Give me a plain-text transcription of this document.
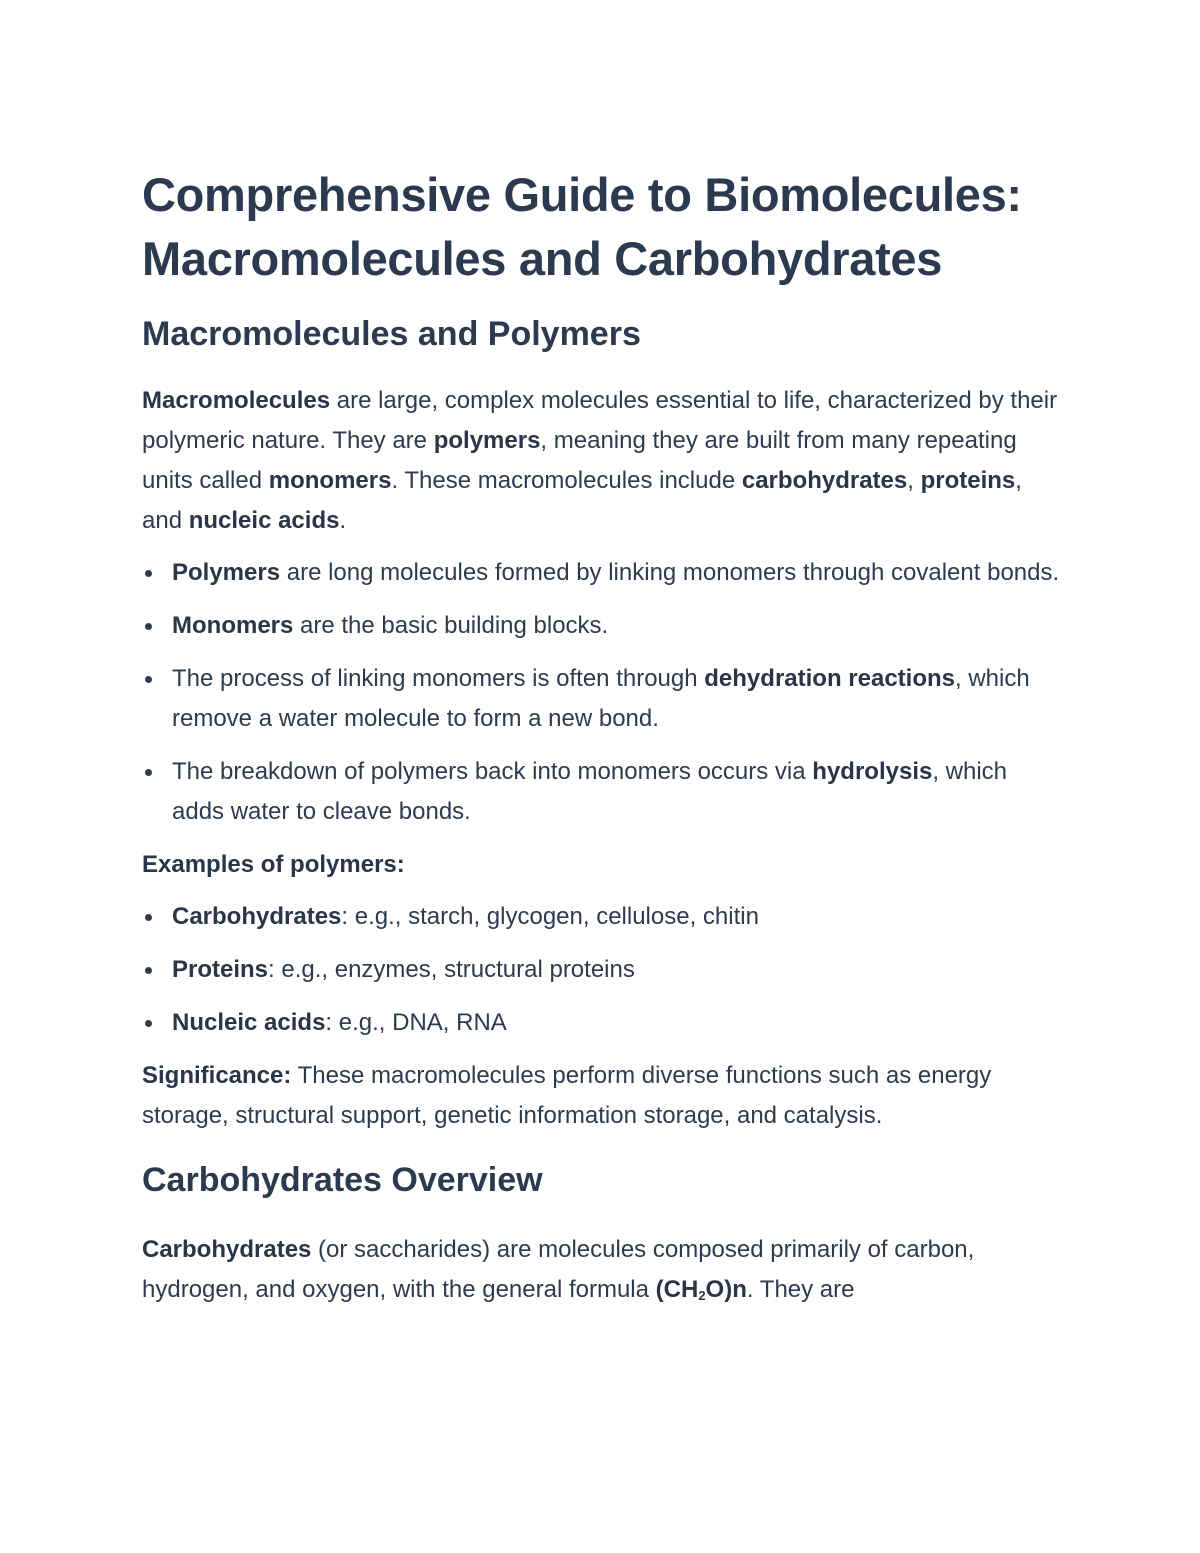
Comprehensive Guide to Biomolecules:
Macromolecules and Carbohydrates
Macromolecules and Polymers

Macromolecules are large, complex molecules essential to life, characterized by their polymeric nature. They are polymers, meaning they are built from many repeating units called monomers. These macromolecules include carbohydrates, proteins, and nucleic acids.

Polymers are long molecules formed by linking monomers through covalent bonds.
Monomers are the basic building blocks.
The process of linking monomers is often through dehydration reactions, which remove a water molecule to form a new bond.
The breakdown of polymers back into monomers occurs via hydrolysis, which adds water to cleave bonds.

Examples of polymers:

Carbohydrates: e.g., starch, glycogen, cellulose, chitin
Proteins: e.g., enzymes, structural proteins
Nucleic acids: e.g., DNA, RNA

Significance: These macromolecules perform diverse functions such as energy storage, structural support, genetic information storage, and catalysis.

Carbohydrates Overview

Carbohydrates (or saccharides) are molecules composed primarily of carbon, hydrogen, and oxygen, with the general formula $(CH_2O)n$. They are
